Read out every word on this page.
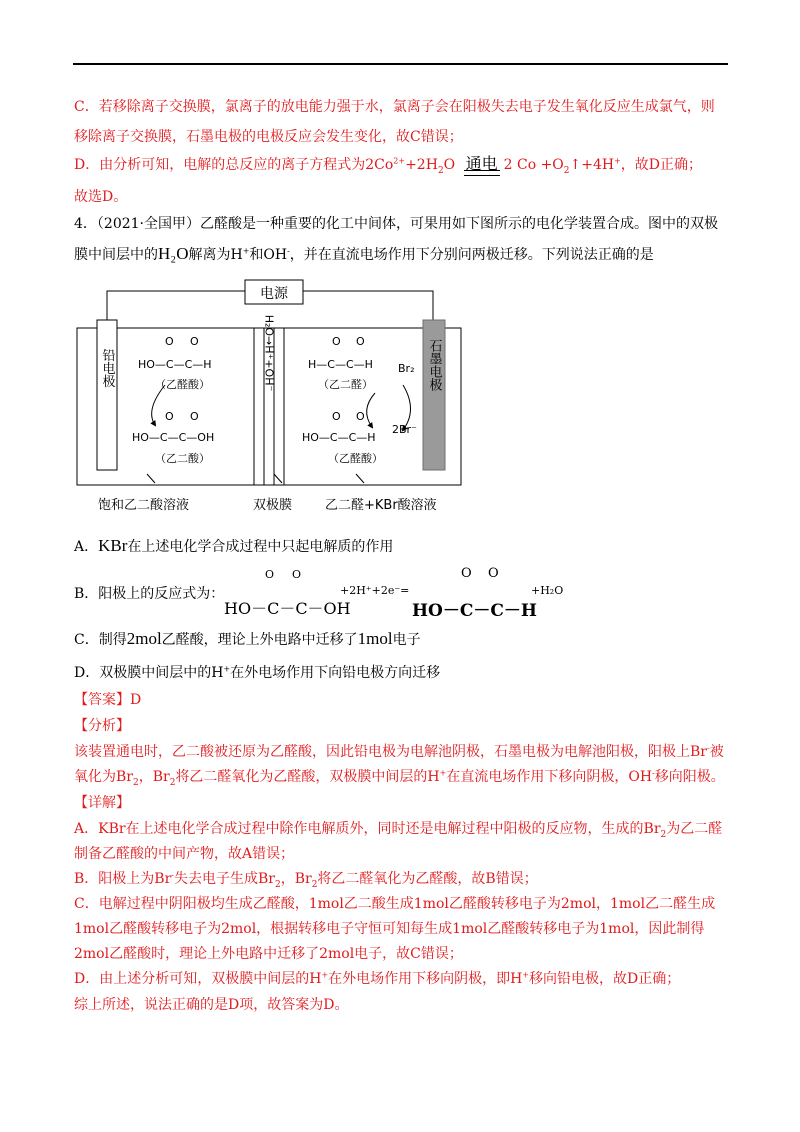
C．若移除离子交换膜，氯离子的放电能力强于水，氯离子会在阳极失去电子发生氧化反应生成氯气，则
移除离子交换膜，石墨电极的电极反应会发生变化，故C错误；
D．由分析可知，电解的总反应的离子方程式为$2Co^{2+}+2H_2O$ 通电 2 $Co +O_2↑+4H^+$，故D正确；
故选D。
4．（2021·全国甲）乙醛酸是一种重要的化工中间体，可果用如下图所示的电化学装置合成。图中的双极
膜中间层中的H₂O解离为H+和OH-，并在直流电场作用下分别问两极迁移。下列说法正确的是
电源
铅电极	石墨电极
H₂O→H⁺+OH⁻
O O
HO—C—C—H
（乙醛酸）
O O
HO—C—C—OH
（乙二酸）
O O
H—C—C—H
（乙二醛）
O O
HO—C—C—H
（乙醛酸）
Br₂
2Br⁻
饱和乙二酸溶液	双极膜	乙二醛+KBr酸溶液
A．KBr在上述电化学合成过程中只起电解质的作用
B．阳极上的反应式为：
O O
HO－C－C－OH
+2H⁺+2e⁻=
O O
HO－C－C－H
+H₂O
C．制得2mol乙醛酸，理论上外电路中迁移了1mol电子
D．双极膜中间层中的H+在外电场作用下向铅电极方向迁移
【答案】D
【分析】
该装置通电时，乙二酸被还原为乙醛酸，因此铅电极为电解池阴极，石墨电极为电解池阳极，阳极上Br-被
氧化为$Br_2$，$Br_2$将乙二醛氧化为乙醛酸，双极膜中间层的H+在直流电场作用下移向阴极，OH-移向阳极。
【详解】
A．KBr在上述电化学合成过程中除作电解质外，同时还是电解过程中阳极的反应物，生成的$Br_2$为乙二醛
制备乙醛酸的中间产物，故A错误；
B．阳极上为Br-失去电子生成$Br_2$，$Br_2$将乙二醛氧化为乙醛酸，故B错误；
C．电解过程中阴阳极均生成乙醛酸，1mol乙二酸生成1mol乙醛酸转移电子为2mol，1mol乙二醛生成
1mol乙醛酸转移电子为2mol，根据转移电子守恒可知每生成1mol乙醛酸转移电子为1mol，因此制得
2mol乙醛酸时，理论上外电路中迁移了2mol电子，故C错误；
D．由上述分析可知，双极膜中间层的H+在外电场作用下移向阴极，即H+移向铅电极，故D正确；
综上所述，说法正确的是D项，故答案为D。
